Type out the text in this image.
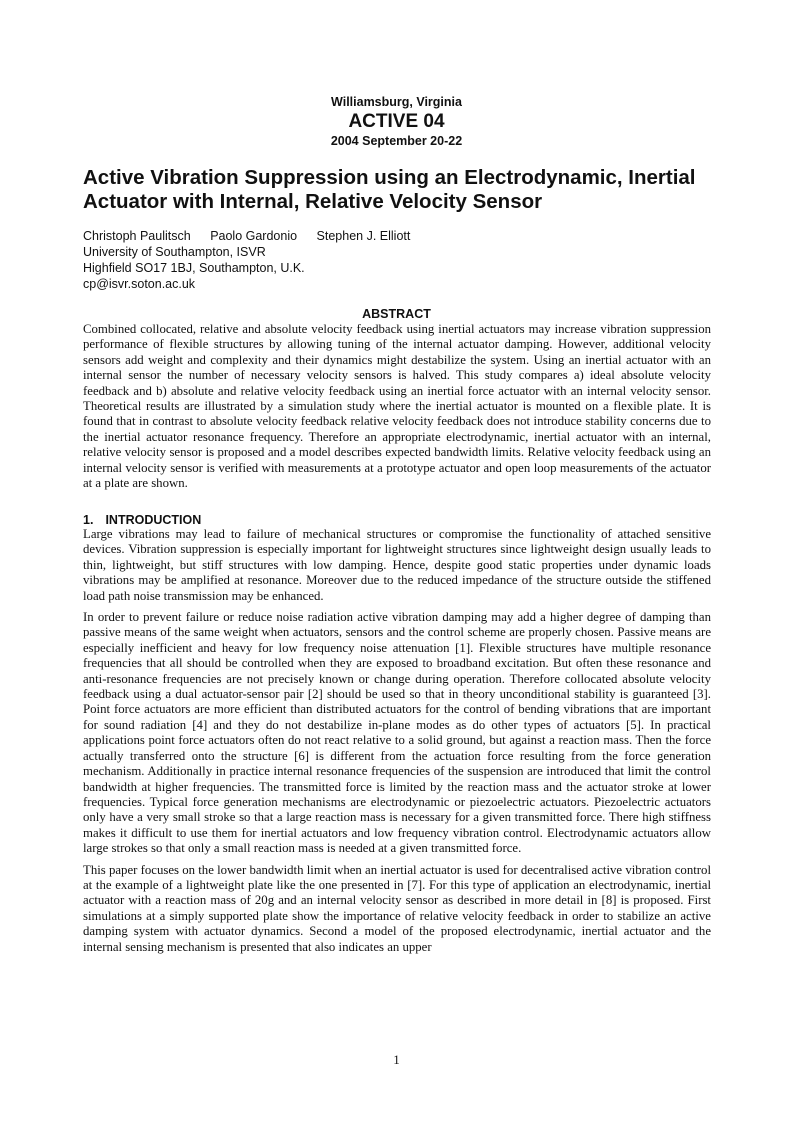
Williamsburg, Virginia
ACTIVE 04
2004 September 20-22
Active Vibration Suppression using an Electrodynamic, Inertial Actuator with Internal, Relative Velocity Sensor
Christoph Paulitsch Paolo Gardonio Stephen J. Elliott
University of Southampton, ISVR
Highfield SO17 1BJ, Southampton, U.K.
cp@isvr.soton.ac.uk
ABSTRACT

Combined collocated, relative and absolute velocity feedback using inertial actuators may increase vibration suppression performance of flexible structures by allowing tuning of the internal actuator damping. However, additional velocity sensors add weight and complexity and their dynamics might destabilize the system. Using an inertial actuator with an internal sensor the number of necessary velocity sensors is halved. This study compares a) ideal absolute velocity feedback and b) absolute and relative velocity feedback using an inertial force actuator with an internal velocity sensor. Theoretical results are illustrated by a simulation study where the inertial actuator is mounted on a flexible plate. It is found that in contrast to absolute velocity feedback relative velocity feedback does not introduce stability concerns due to the inertial actuator resonance frequency. Therefore an appropriate electrodynamic, inertial actuator with an internal, relative velocity sensor is proposed and a model describes expected bandwidth limits. Relative velocity feedback using an internal velocity sensor is verified with measurements at a prototype actuator and open loop measurements of the actuator at a plate are shown.

1. INTRODUCTION

Large vibrations may lead to failure of mechanical structures or compromise the functionality of attached sensitive devices. Vibration suppression is especially important for lightweight structures since lightweight design usually leads to thin, lightweight, but stiff structures with low damping. Hence, despite good static properties under dynamic loads vibrations may be amplified at resonance. Moreover due to the reduced impedance of the structure outside the stiffened load path noise transmission may be enhanced.

In order to prevent failure or reduce noise radiation active vibration damping may add a higher degree of damping than passive means of the same weight when actuators, sensors and the control scheme are properly chosen. Passive means are especially inefficient and heavy for low frequency noise attenuation [1]. Flexible structures have multiple resonance frequencies that all should be controlled when they are exposed to broadband excitation. But often these resonance and anti-resonance frequencies are not precisely known or change during operation. Therefore collocated absolute velocity feedback using a dual actuator-sensor pair [2] should be used so that in theory unconditional stability is guaranteed [3]. Point force actuators are more efficient than distributed actuators for the control of bending vibrations that are important for sound radiation [4] and they do not destabilize in-plane modes as do other types of actuators [5]. In practical applications point force actuators often do not react relative to a solid ground, but against a reaction mass. Then the force actually transferred onto the structure [6] is different from the actuation force resulting from the force generation mechanism. Additionally in practice internal resonance frequencies of the suspension are introduced that limit the control bandwidth at higher frequencies. The transmitted force is limited by the reaction mass and the actuator stroke at lower frequencies. Typical force generation mechanisms are electrodynamic or piezoelectric actuators. Piezoelectric actuators only have a very small stroke so that a large reaction mass is necessary for a given transmitted force. There high stiffness makes it difficult to use them for inertial actuators and low frequency vibration control. Electrodynamic actuators allow large strokes so that only a small reaction mass is needed at a given transmitted force.

This paper focuses on the lower bandwidth limit when an inertial actuator is used for decentralised active vibration control at the example of a lightweight plate like the one presented in [7]. For this type of application an electrodynamic, inertial actuator with a reaction mass of 20g and an internal velocity sensor as described in more detail in [8] is proposed. First simulations at a simply supported plate show the importance of relative velocity feedback in order to stabilize an active damping system with actuator dynamics. Second a model of the proposed electrodynamic, inertial actuator and the internal sensing mechanism is presented that also indicates an upper

1
